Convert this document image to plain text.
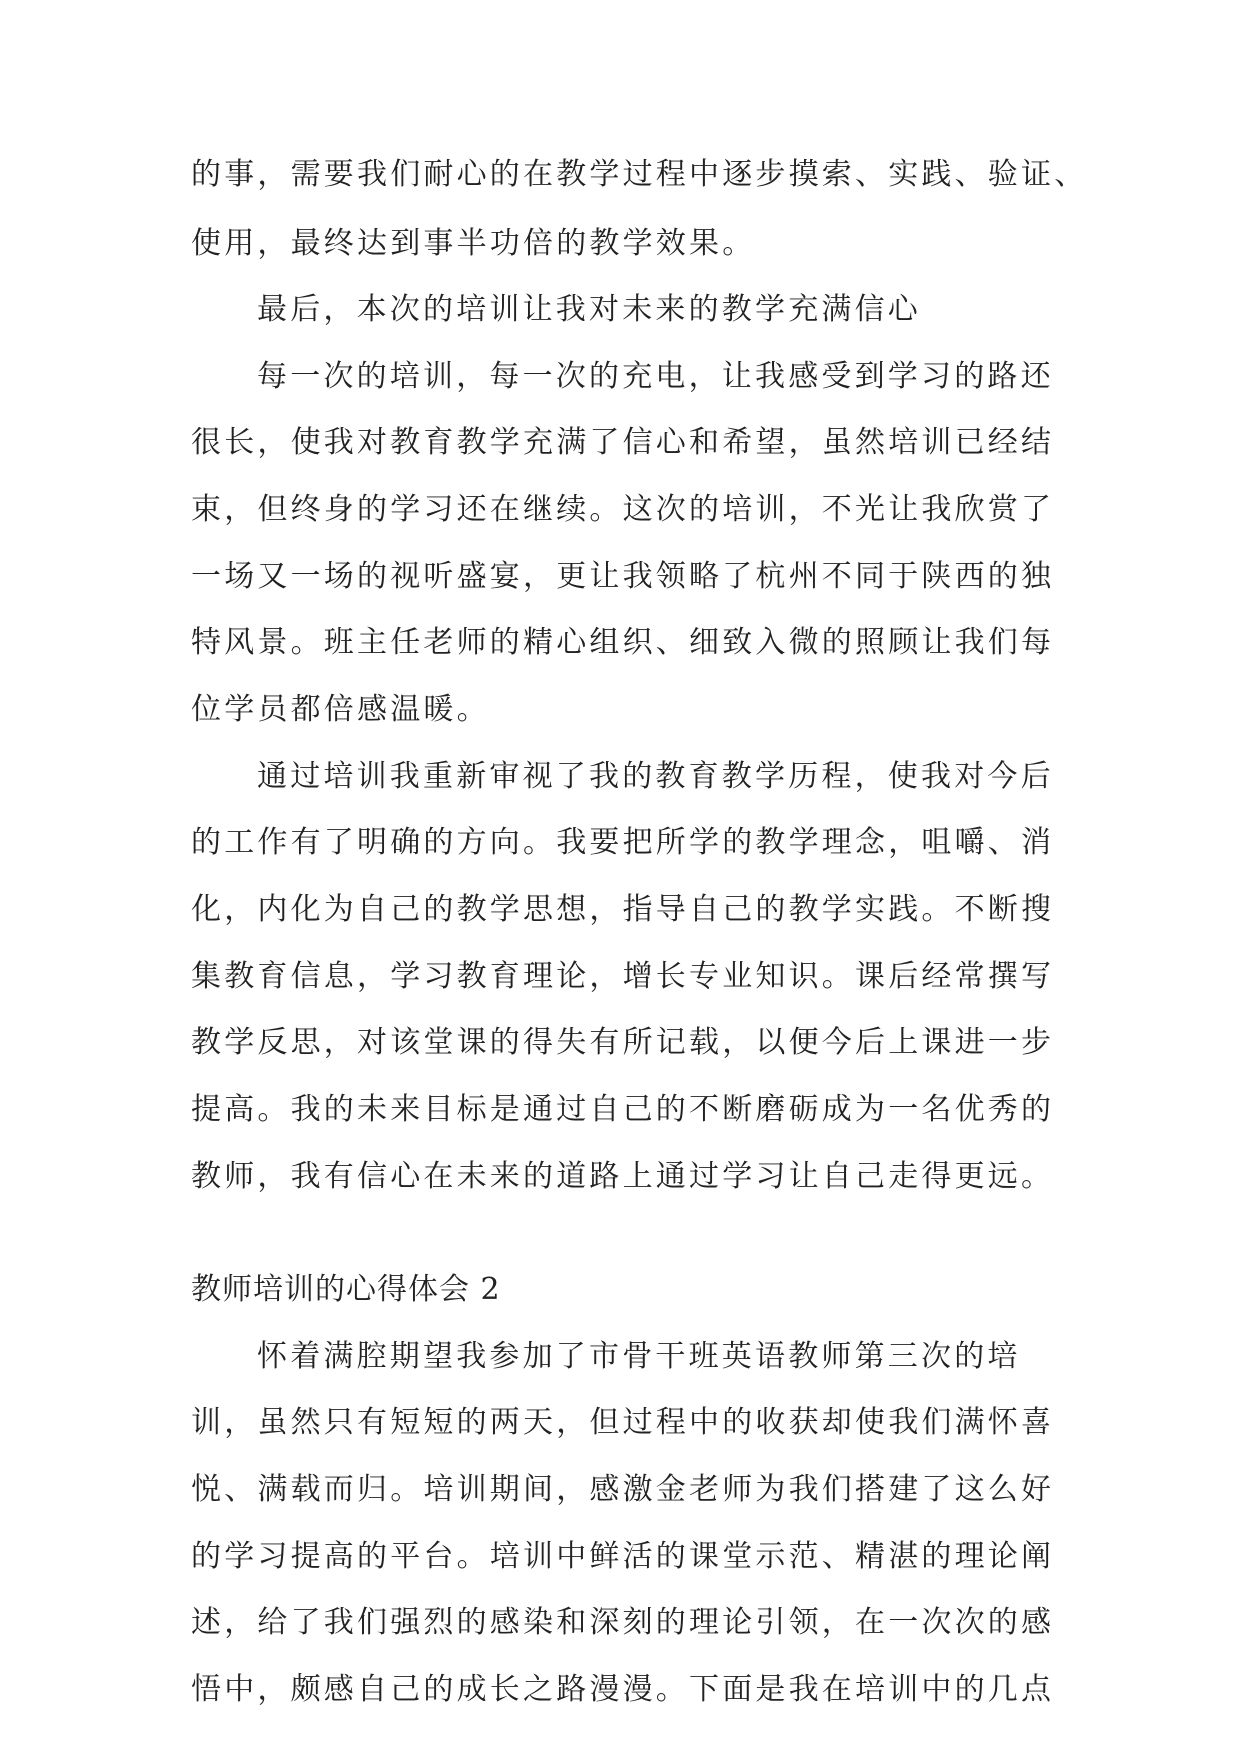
的事，需要我们耐心的在教学过程中逐步摸索、实践、验证、
使用，最终达到事半功倍的教学效果。
最后，本次的培训让我对未来的教学充满信心
每一次的培训，每一次的充电，让我感受到学习的路还
很长，使我对教育教学充满了信心和希望，虽然培训已经结
束，但终身的学习还在继续。这次的培训，不光让我欣赏了
一场又一场的视听盛宴，更让我领略了杭州不同于陕西的独
特风景。班主任老师的精心组织、细致入微的照顾让我们每
位学员都倍感温暖。
通过培训我重新审视了我的教育教学历程，使我对今后
的工作有了明确的方向。我要把所学的教学理念，咀嚼、消
化，内化为自己的教学思想，指导自己的教学实践。不断搜
集教育信息，学习教育理论，增长专业知识。课后经常撰写
教学反思，对该堂课的得失有所记载，以便今后上课进一步
提高。我的未来目标是通过自己的不断磨砺成为一名优秀的
教师，我有信心在未来的道路上通过学习让自己走得更远。
教师培训的心得体会 2
怀着满腔期望我参加了市骨干班英语教师第三次的培
训，虽然只有短短的两天，但过程中的收获却使我们满怀喜
悦、满载而归。培训期间，感激金老师为我们搭建了这么好
的学习提高的平台。培训中鲜活的课堂示范、精湛的理论阐
述，给了我们强烈的感染和深刻的理论引领，在一次次的感
悟中，颇感自己的成长之路漫漫。下面是我在培训中的几点
